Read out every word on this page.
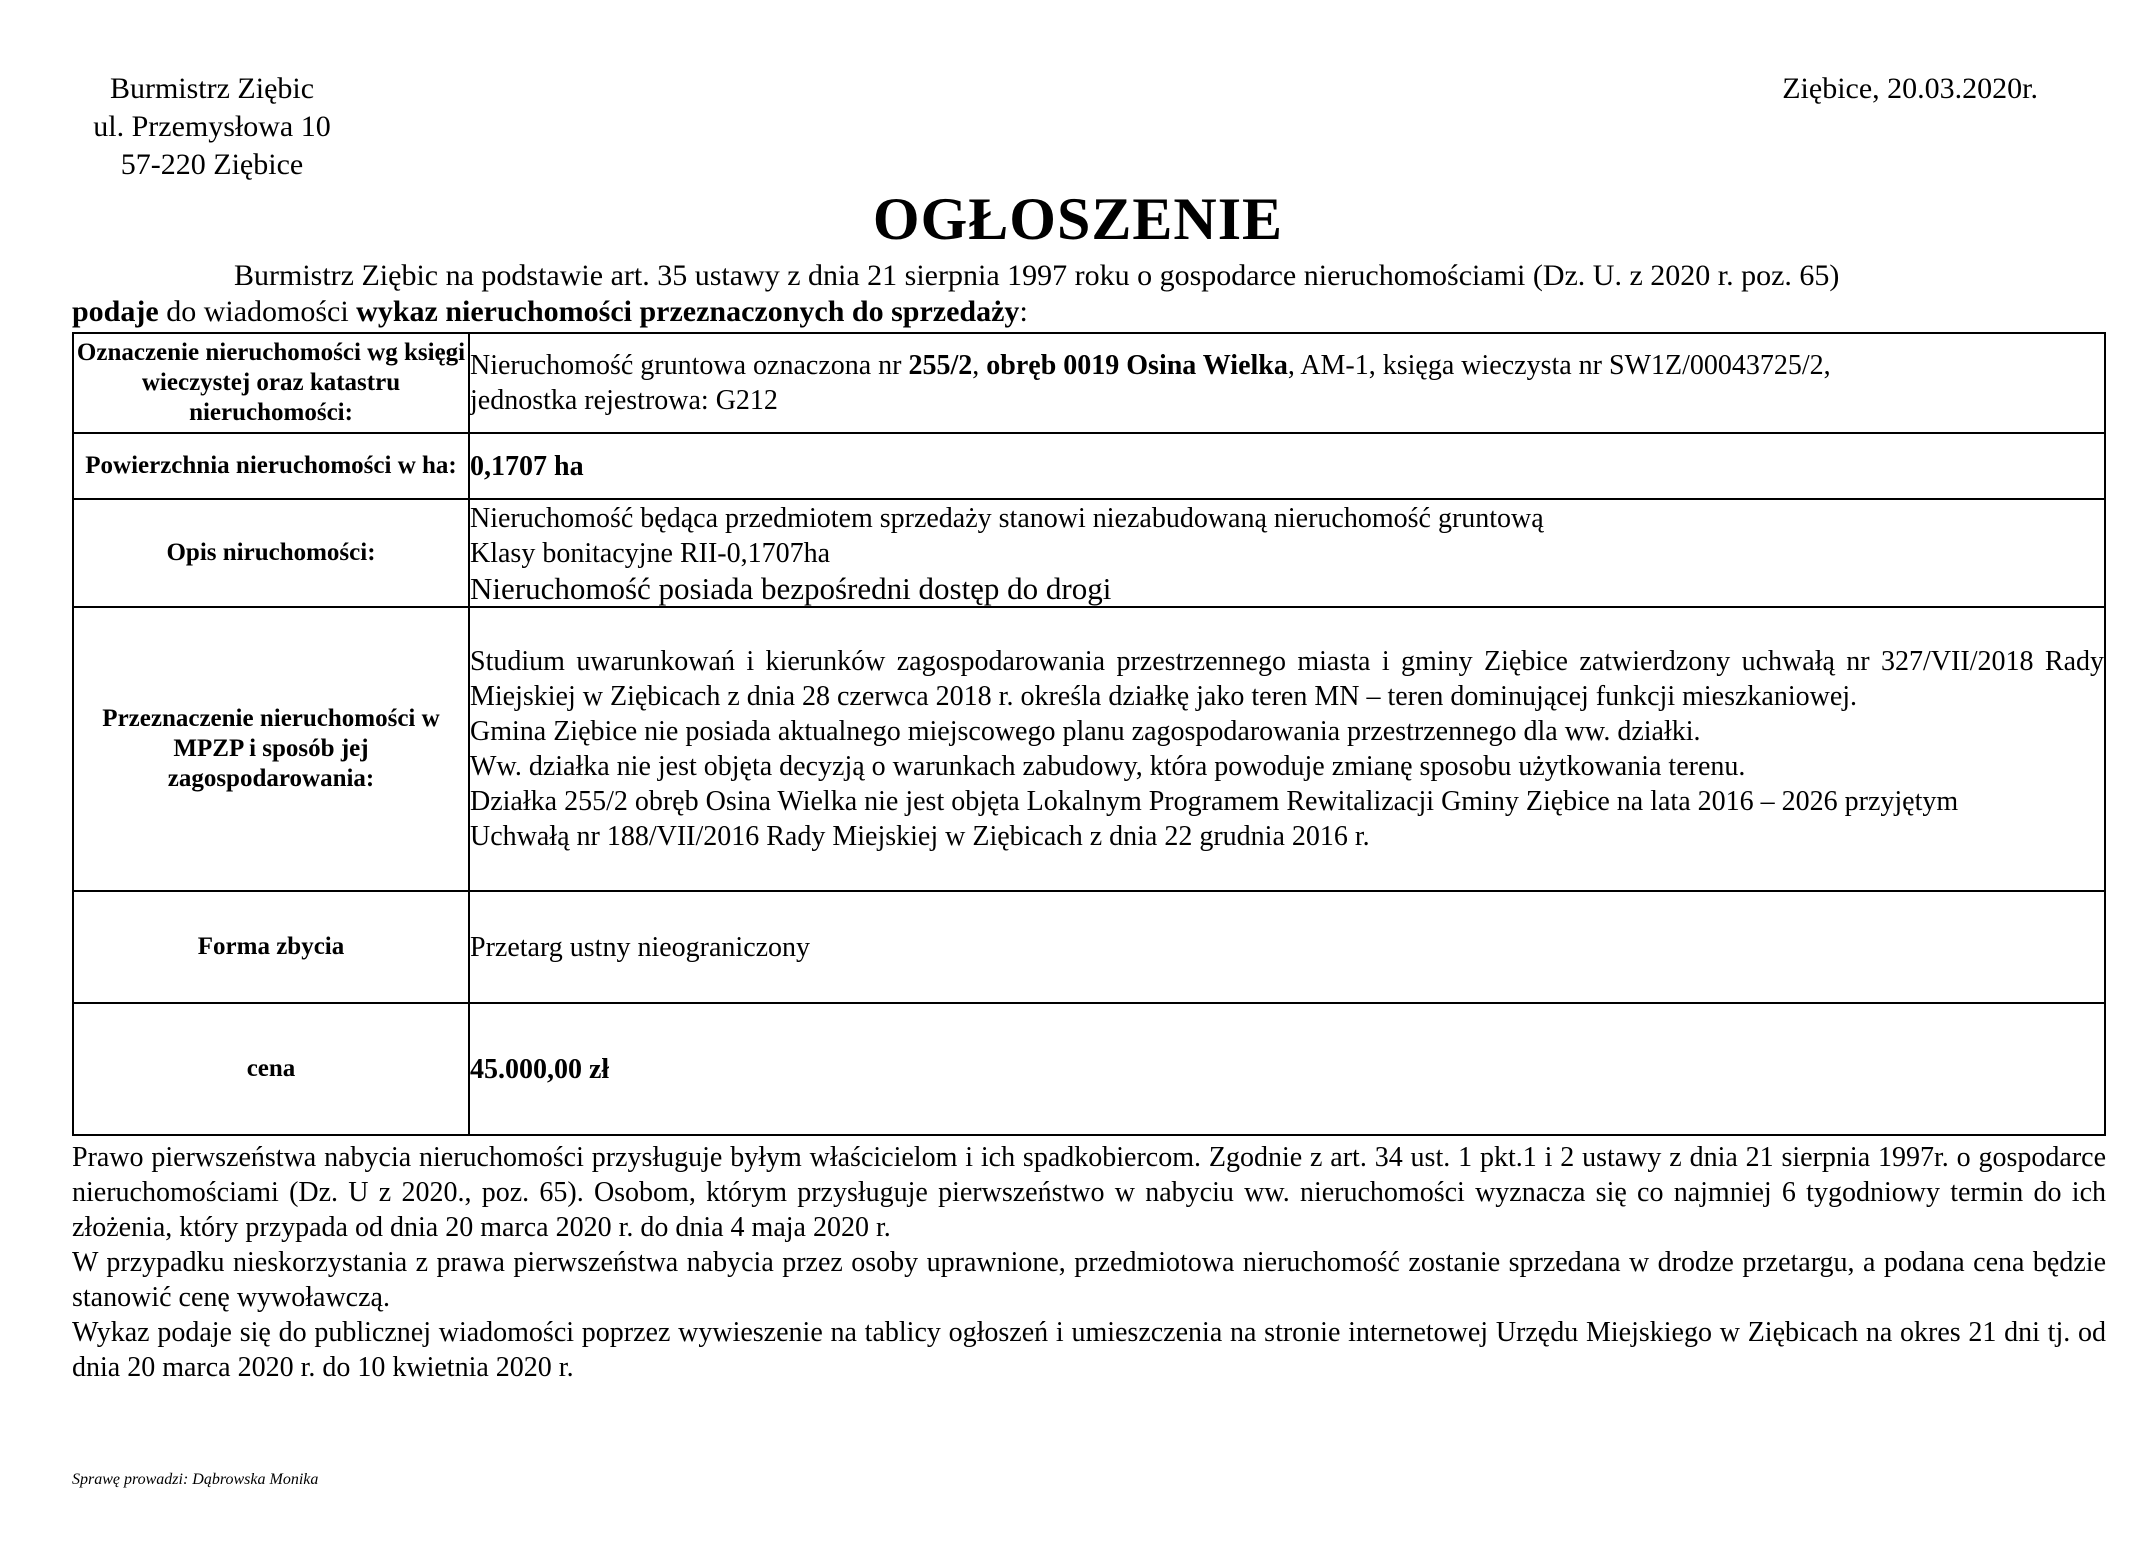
Burmistrz Ziębic
ul. Przemysłowa 10
57-220 Ziębice
Ziębice, 20.03.2020r.
OGŁOSZENIE
Burmistrz Ziębic na podstawie art. 35 ustawy z dnia 21 sierpnia 1997 roku o gospodarce nieruchomościami (Dz. U. z 2020 r. poz. 65)
podaje do wiadomości wykaz nieruchomości przeznaczonych do sprzedaży:
Oznaczenie nieruchomości wg księgi wieczystej oraz katastru nieruchomości:	Nieruchomość gruntowa oznaczona nr 255/2, obręb 0019 Osina Wielka, AM-1, księga wieczysta nr SW1Z/00043725/2,
jednostka rejestrowa: G212

Powierzchnia nieruchomości w ha:	0,1707 ha
Opis niruchomości:	Nieruchomość będąca przedmiotem sprzedaży stanowi niezabudowaną nieruchomość gruntową
Klasy bonitacyjne RII-0,1707ha
Nieruchomość posiada bezpośredni dostęp do drogi

Przeznaczenie nieruchomości w MPZP i sposób jej zagospodarowania:	Studium uwarunkowań i kierunków zagospodarowania przestrzennego miasta i gminy Ziębice zatwierdzony uchwałą nr 327/VII/2018 Rady Miejskiej w Ziębicach z dnia 28 czerwca 2018 r. określa działkę jako teren MN – teren dominującej funkcji mieszkaniowej.
Gmina Ziębice nie posiada aktualnego miejscowego planu zagospodarowania przestrzennego dla ww. działki.
Ww. działka nie jest objęta decyzją o warunkach zabudowy, która powoduje zmianę sposobu użytkowania terenu.
Działka 255/2 obręb Osina Wielka nie jest objęta Lokalnym Programem Rewitalizacji Gminy Ziębice na lata 2016 – 2026 przyjętym
Uchwałą nr 188/VII/2016 Rady Miejskiej w Ziębicach z dnia 22 grudnia 2016 r.

Forma zbycia	Przetarg ustny nieograniczony
cena	45.000,00 zł

Prawo pierwszeństwa nabycia nieruchomości przysługuje byłym właścicielom i ich spadkobiercom. Zgodnie z art. 34 ust. 1 pkt.1 i 2 ustawy z dnia 21 sierpnia 1997r. o gospodarce nieruchomościami (Dz. U z 2020., poz. 65). Osobom, którym przysługuje pierwszeństwo w nabyciu ww. nieruchomości wyznacza się co najmniej 6 tygodniowy termin do ich złożenia, który przypada od dnia 20 marca 2020 r. do dnia 4 maja 2020 r.

W przypadku nieskorzystania z prawa pierwszeństwa nabycia przez osoby uprawnione, przedmiotowa nieruchomość zostanie sprzedana w drodze przetargu, a podana cena będzie stanowić cenę wywoławczą.

Wykaz podaje się do publicznej wiadomości poprzez wywieszenie na tablicy ogłoszeń i umieszczenia na stronie internetowej Urzędu Miejskiego w Ziębicach na okres 21 dni tj. od dnia 20 marca 2020 r. do 10 kwietnia 2020 r.

Sprawę prowadzi: Dąbrowska Monika
